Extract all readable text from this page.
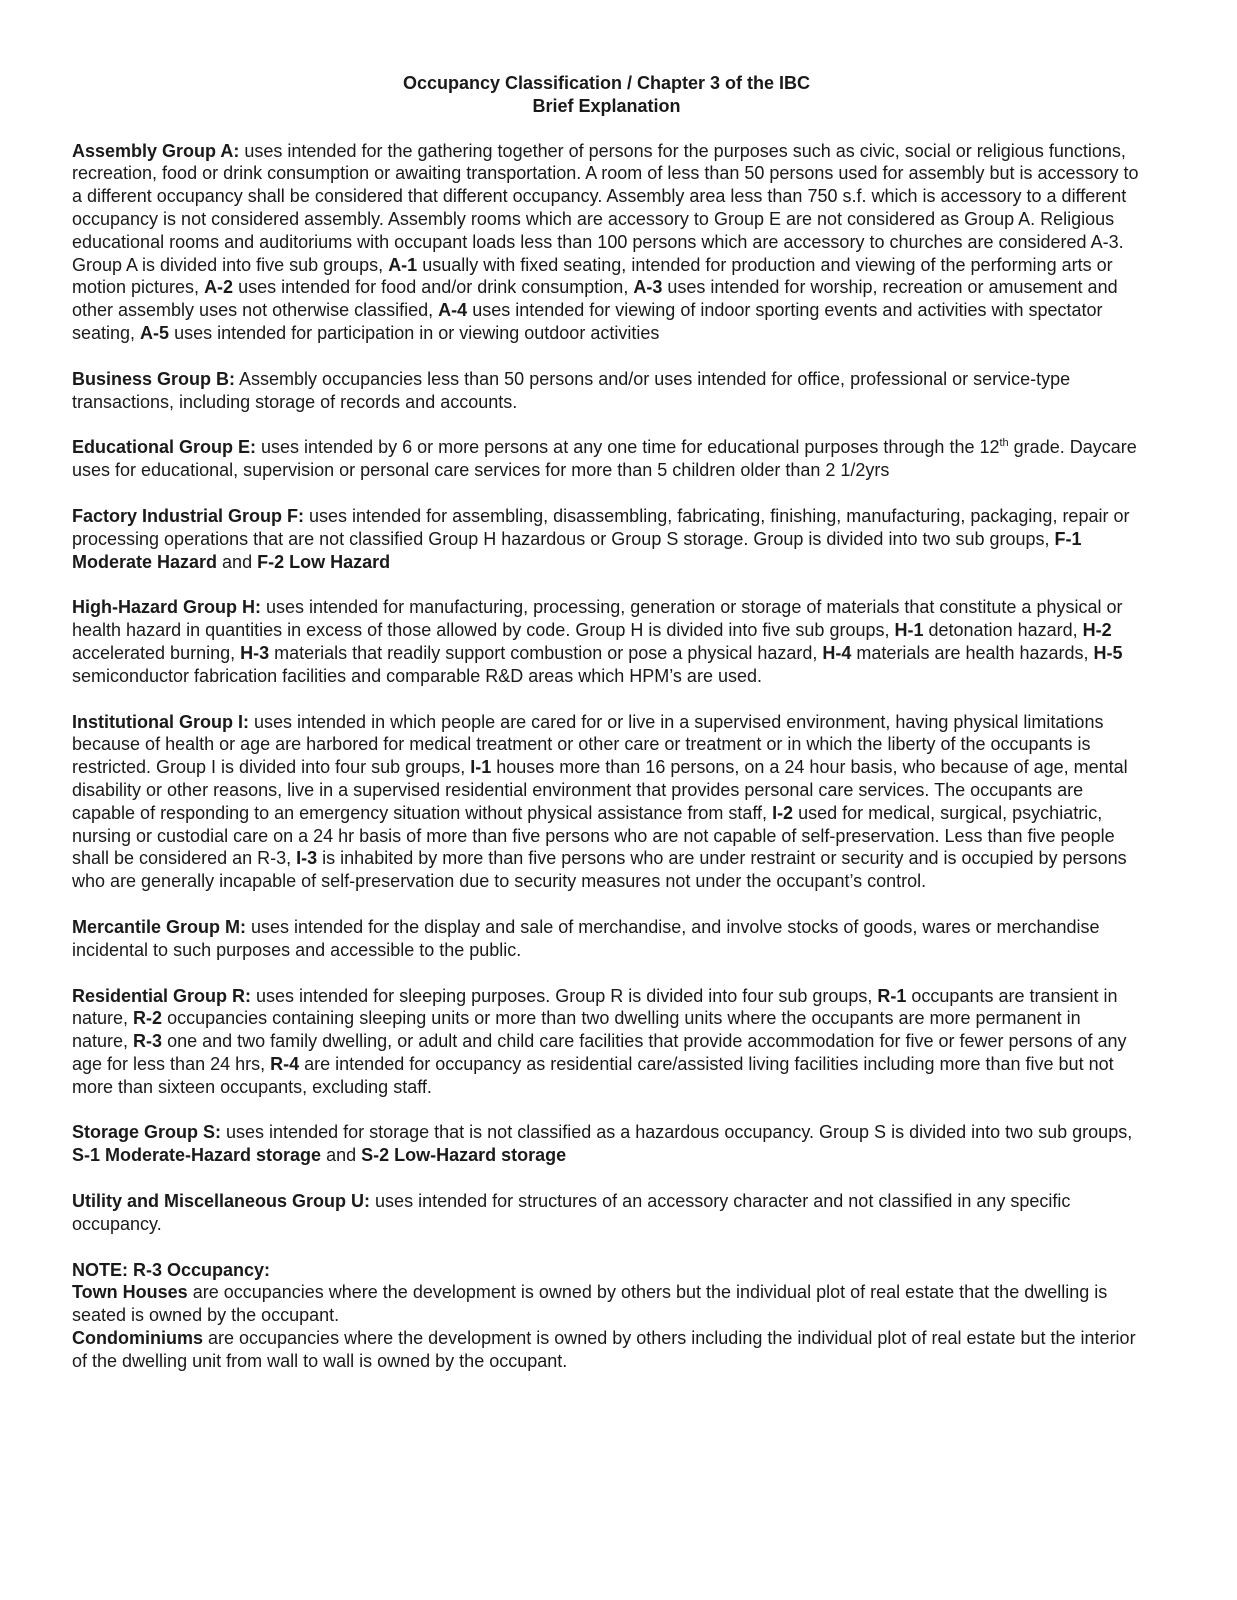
Occupancy Classification / Chapter 3 of the IBC
Brief Explanation

Assembly Group A: uses intended for the gathering together of persons for the purposes such as civic, social or religious functions, recreation, food or drink consumption or awaiting transportation. A room of less than 50 persons used for assembly but is accessory to a different occupancy shall be considered that different occupancy. Assembly area less than 750 s.f. which is accessory to a different occupancy is not considered assembly. Assembly rooms which are accessory to Group E are not considered as Group A. Religious educational rooms and auditoriums with occupant loads less than 100 persons which are accessory to churches are considered A-3. Group A is divided into five sub groups, A-1 usually with fixed seating, intended for production and viewing of the performing arts or motion pictures, A-2 uses intended for food and/or drink consumption, A-3 uses intended for worship, recreation or amusement and other assembly uses not otherwise classified, A-4 uses intended for viewing of indoor sporting events and activities with spectator seating, A-5 uses intended for participation in or viewing outdoor activities

Business Group B: Assembly occupancies less than 50 persons and/or uses intended for office, professional or service-type transactions, including storage of records and accounts.

Educational Group E: uses intended by 6 or more persons at any one time for educational purposes through the 12th grade. Daycare uses for educational, supervision or personal care services for more than 5 children older than 2 1/2yrs

Factory Industrial Group F: uses intended for assembling, disassembling, fabricating, finishing, manufacturing, packaging, repair or processing operations that are not classified Group H hazardous or Group S storage. Group is divided into two sub groups, F-1 Moderate Hazard and F-2 Low Hazard

High-Hazard Group H: uses intended for manufacturing, processing, generation or storage of materials that constitute a physical or health hazard in quantities in excess of those allowed by code. Group H is divided into five sub groups, H-1 detonation hazard, H-2 accelerated burning, H-3 materials that readily support combustion or pose a physical hazard, H-4 materials are health hazards, H-5 semiconductor fabrication facilities and comparable R&D areas which HPM’s are used.

Institutional Group I: uses intended in which people are cared for or live in a supervised environment, having physical limitations because of health or age are harbored for medical treatment or other care or treatment or in which the liberty of the occupants is restricted. Group I is divided into four sub groups, I-1 houses more than 16 persons, on a 24 hour basis, who because of age, mental disability or other reasons, live in a supervised residential environment that provides personal care services. The occupants are capable of responding to an emergency situation without physical assistance from staff, I-2 used for medical, surgical, psychiatric, nursing or custodial care on a 24 hr basis of more than five persons who are not capable of self-preservation. Less than five people shall be considered an R-3, I-3 is inhabited by more than five persons who are under restraint or security and is occupied by persons who are generally incapable of self-preservation due to security measures not under the occupant’s control.

Mercantile Group M: uses intended for the display and sale of merchandise, and involve stocks of goods, wares or merchandise incidental to such purposes and accessible to the public.

Residential Group R: uses intended for sleeping purposes. Group R is divided into four sub groups, R-1 occupants are transient in nature, R-2 occupancies containing sleeping units or more than two dwelling units where the occupants are more permanent in nature, R-3 one and two family dwelling, or adult and child care facilities that provide accommodation for five or fewer persons of any age for less than 24 hrs, R-4 are intended for occupancy as residential care/assisted living facilities including more than five but not more than sixteen occupants, excluding staff.

Storage Group S: uses intended for storage that is not classified as a hazardous occupancy. Group S is divided into two sub groups, S-1 Moderate-Hazard storage and S-2 Low-Hazard storage

Utility and Miscellaneous Group U: uses intended for structures of an accessory character and not classified in any specific occupancy.

NOTE: R-3 Occupancy:
Town Houses are occupancies where the development is owned by others but the individual plot of real estate that the dwelling is seated is owned by the occupant.
Condominiums are occupancies where the development is owned by others including the individual plot of real estate but the interior of the dwelling unit from wall to wall is owned by the occupant.
